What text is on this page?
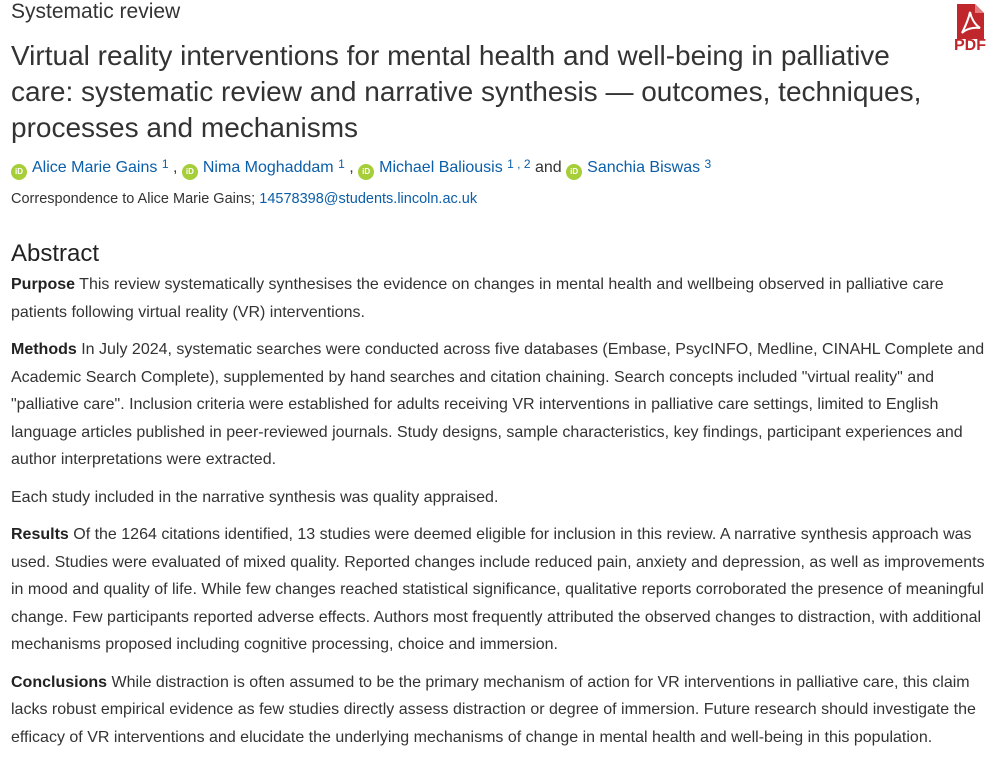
Systematic review
PDF
Virtual reality interventions for mental health and well-being in palliative care: systematic review and narrative synthesis — outcomes, techniques, processes and mechanisms
iD Alice Marie Gains $^1$ , iD Nima Moghaddam $^1$ , iD Michael Baliousis $^{1 , 2}$ and iD Sanchia Biswas $^3$
Correspondence to Alice Marie Gains; 14578398@students.lincoln.ac.uk
Abstract

Purpose This review systematically synthesises the evidence on changes in mental health and wellbeing observed in palliative care patients following virtual reality (VR) interventions.

Methods In July 2024, systematic searches were conducted across five databases (Embase, PsycINFO, Medline, CINAHL Complete and Academic Search Complete), supplemented by hand searches and citation chaining. Search concepts included "virtual reality" and "palliative care". Inclusion criteria were established for adults receiving VR interventions in palliative care settings, limited to English language articles published in peer-reviewed journals. Study designs, sample characteristics, key findings, participant experiences and author interpretations were extracted.

Each study included in the narrative synthesis was quality appraised.

Results Of the 1264 citations identified, 13 studies were deemed eligible for inclusion in this review. A narrative synthesis approach was used. Studies were evaluated of mixed quality. Reported changes include reduced pain, anxiety and depression, as well as improvements in mood and quality of life. While few changes reached statistical significance, qualitative reports corroborated the presence of meaningful change. Few participants reported adverse effects. Authors most frequently attributed the observed changes to distraction, with additional mechanisms proposed including cognitive processing, choice and immersion.

Conclusions While distraction is often assumed to be the primary mechanism of action for VR interventions in palliative care, this claim lacks robust empirical evidence as few studies directly assess distraction or degree of immersion. Future research should investigate the efficacy of VR interventions and elucidate the underlying mechanisms of change in mental health and well-being in this population.
